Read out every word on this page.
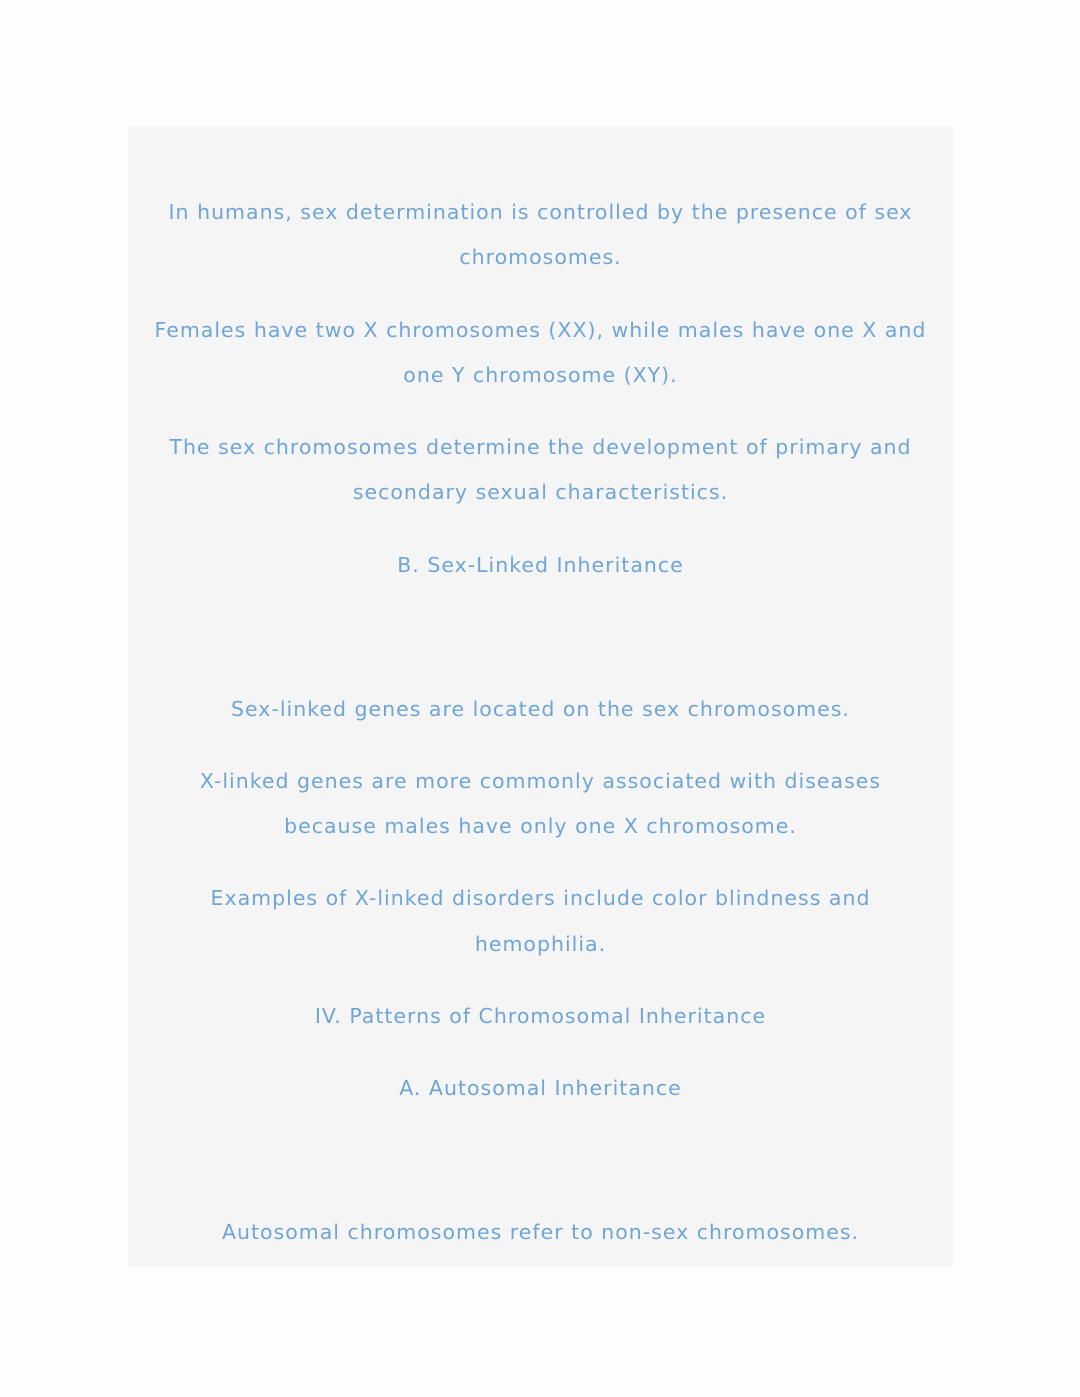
In humans, sex determination is controlled by the presence of sex
chromosomes.
Females have two X chromosomes (XX), while males have one X and
one Y chromosome (XY).
The sex chromosomes determine the development of primary and
secondary sexual characteristics.
B. Sex-Linked Inheritance
Sex-linked genes are located on the sex chromosomes.
X-linked genes are more commonly associated with diseases
because males have only one X chromosome.
Examples of X-linked disorders include color blindness and
hemophilia.
IV. Patterns of Chromosomal Inheritance
A. Autosomal Inheritance
Autosomal chromosomes refer to non-sex chromosomes.
